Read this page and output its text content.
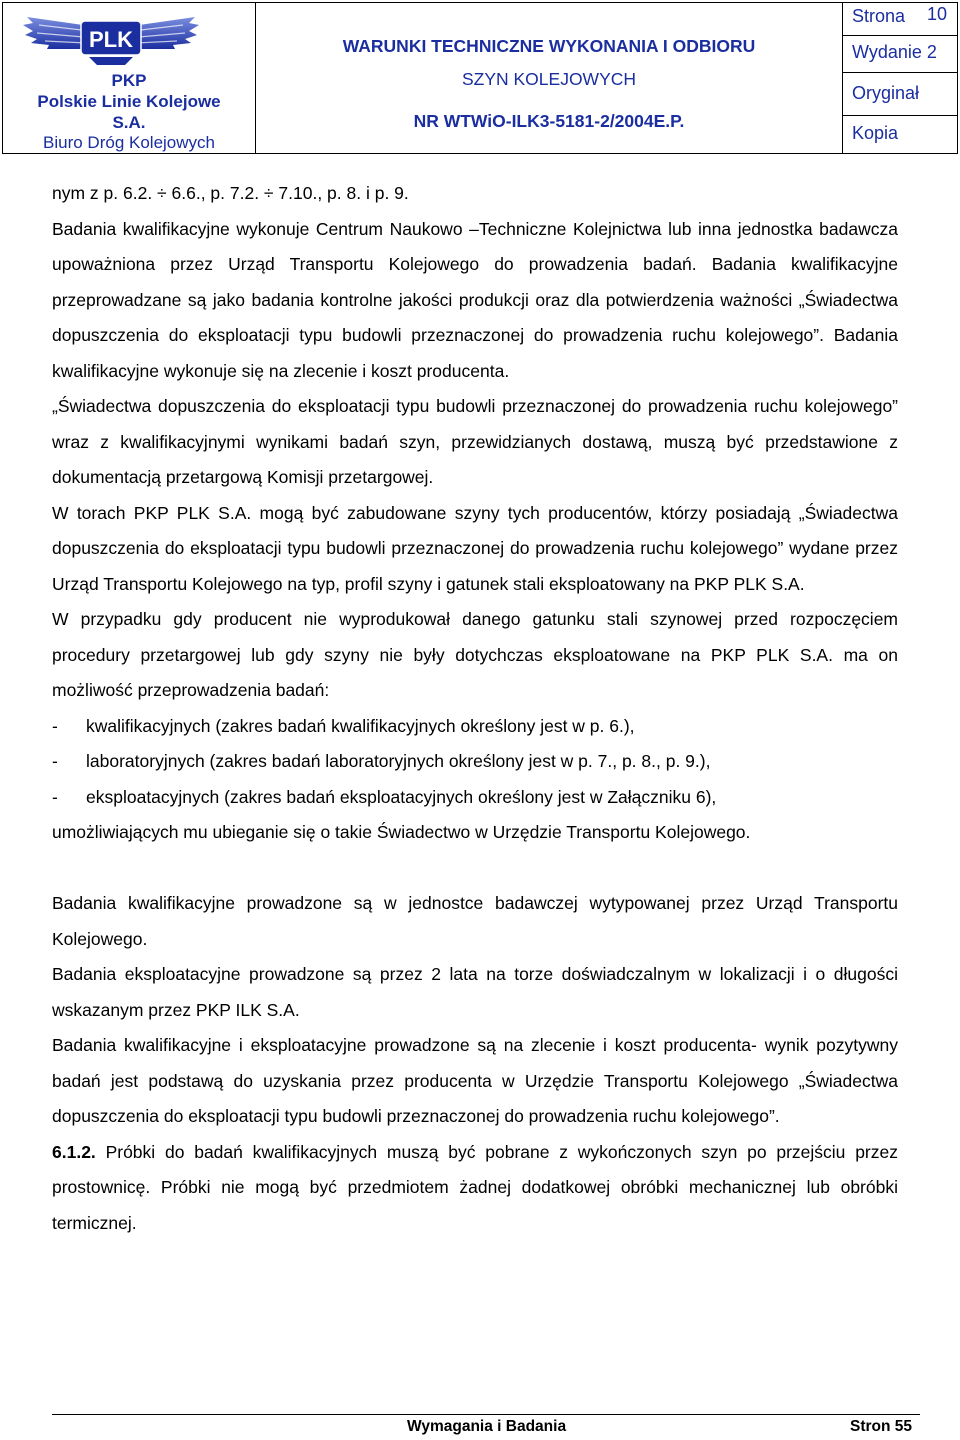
PLK
PKP
Polskie Linie Kolejowe
S.A.
Biuro Dróg Kolejowych
WARUNKI TECHNICZNE WYKONANIA I ODBIORU
SZYN KOLEJOWYCH
NR WTWiO-ILK3-5181-2/2004E.P.
Strona 10
Wydanie 2
Oryginał
Kopia

nym z p. 6.2. ÷ 6.6., p. 7.2. ÷ 7.10., p. 8. i p. 9.

Badania kwalifikacyjne wykonuje Centrum Naukowo –Techniczne Kolejnictwa lub inna jednostka badawcza upoważniona przez Urząd Transportu Kolejowego do prowadzenia badań. Badania kwalifikacyjne przeprowadzane są jako badania kontrolne jakości produkcji oraz dla potwierdzenia ważności „Świadectwa dopuszczenia do eksploatacji typu budowli przeznaczonej do prowadzenia ruchu kolejowego”. Badania kwalifikacyjne wykonuje się na zlecenie i koszt producenta.

„Świadectwa dopuszczenia do eksploatacji typu budowli przeznaczonej do prowadzenia ruchu kolejowego” wraz z kwalifikacyjnymi wynikami badań szyn, przewidzianych dostawą, muszą być przedstawione z dokumentacją przetargową Komisji przetargowej.

W torach PKP PLK S.A. mogą być zabudowane szyny tych producentów, którzy posiadają „Świadectwa dopuszczenia do eksploatacji typu budowli przeznaczonej do prowadzenia ruchu kolejowego” wydane przez Urząd Transportu Kolejowego na typ, profil szyny i gatunek stali eksploatowany na PKP PLK S.A.

W przypadku gdy producent nie wyprodukował danego gatunku stali szynowej przed rozpoczęciem procedury przetargowej lub gdy szyny nie były dotychczas eksploatowane na PKP PLK S.A. ma on możliwość przeprowadzenia badań:

- kwalifikacyjnych (zakres badań kwalifikacyjnych określony jest w p. 6.),
- laboratoryjnych (zakres badań laboratoryjnych określony jest w p. 7., p. 8., p. 9.),
- eksploatacyjnych (zakres badań eksploatacyjnych określony jest w Załączniku 6),

umożliwiających mu ubieganie się o takie Świadectwo w Urzędzie Transportu Kolejowego.

Badania kwalifikacyjne prowadzone są w jednostce badawczej wytypowanej przez Urząd Transportu Kolejowego.

Badania eksploatacyjne prowadzone są przez 2 lata na torze doświadczalnym w lokalizacji i o długości wskazanym przez PKP ILK S.A.

Badania kwalifikacyjne i eksploatacyjne prowadzone są na zlecenie i koszt producenta- wynik pozytywny badań jest podstawą do uzyskania przez producenta w Urzędzie Transportu Kolejowego „Świadectwa dopuszczenia do eksploatacji typu budowli przeznaczonej do prowadzenia ruchu kolejowego”.

6.1.2. Próbki do badań kwalifikacyjnych muszą być pobrane z wykończonych szyn po przejściu przez prostownicę. Próbki nie mogą być przedmiotem żadnej dodatkowej obróbki mechanicznej lub obróbki termicznej.

Wymagania i Badania	Stron 55
